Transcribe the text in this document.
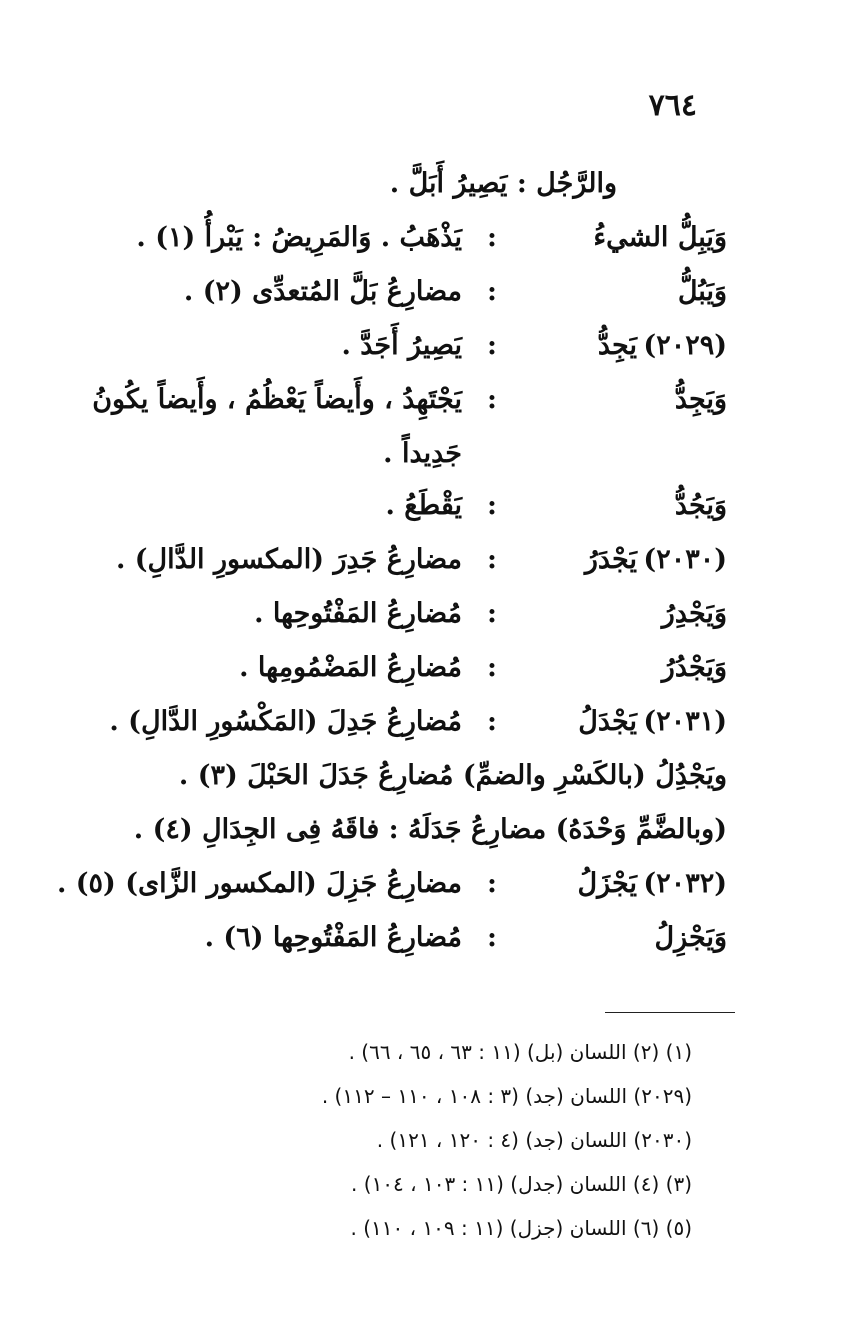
٧٦٤
والرَّجُل : يَصِيرُ أَبَلَّ .
وَيَبِلُّ الشيءُ
:
يَذْهَبُ . وَالمَرِيضُ : يَبْرأُ (١) .
وَيَبُلُّ
:
مضارِعُ بَلَّ المُتعدِّى (٢) .
(٢٠٢٩)
يَجِدُّ
:
يَصِيرُ أَجَدَّ .
وَيَجِدُّ
:
يَجْتَهِدُ ، وأَيضاً يَعْظُمُ ، وأَيضاً يكُونُ
جَدِيداً .
وَيَجُدُّ
:
يَقْطَعُ .
(٢٠٣٠)
يَجْدَرُ
:
مضارِعُ جَدِرَ (المكسورِ الدَّالِ) .
وَيَجْدِرُ
:
مُضارِعُ المَفْتُوحِها .
وَيَجْدُرُ
:
مُضارِعُ المَضْمُومِها .
(٢٠٣١)
يَجْدَلُ
:
مُضارِعُ جَدِلَ (المَكْسُورِ الدَّالِ) .
ويَجْدُِلُ (بالكَسْرِ والضمِّ) مُضارِعُ جَدَلَ الحَبْلَ (٣) .
(وبالضَّمِّ وَحْدَهُ) مضارِعُ جَدَلَهُ : فاقَهُ فِى الجِدَالِ (٤) .
(٢٠٣٢)
يَجْزَلُ
:
مضارِعُ جَزِلَ (المكسور الزَّاى) (٥) .
وَيَجْزِلُ
:
مُضارِعُ المَفْتُوحِها (٦) .
(١) (٢) اللسان (بل) (١١ : ٦٣ ، ٦٥ ، ٦٦) .
(٢٠٢٩) اللسان (جد) (٣ : ١٠٨ ، ١١٠ – ١١٢) .
(٢٠٣٠) اللسان (جد) (٤ : ١٢٠ ، ١٢١) .
(٣) (٤) اللسان (جدل) (١١ : ١٠٣ ، ١٠٤) .
(٥) (٦) اللسان (جزل) (١١ : ١٠٩ ، ١١٠) .
